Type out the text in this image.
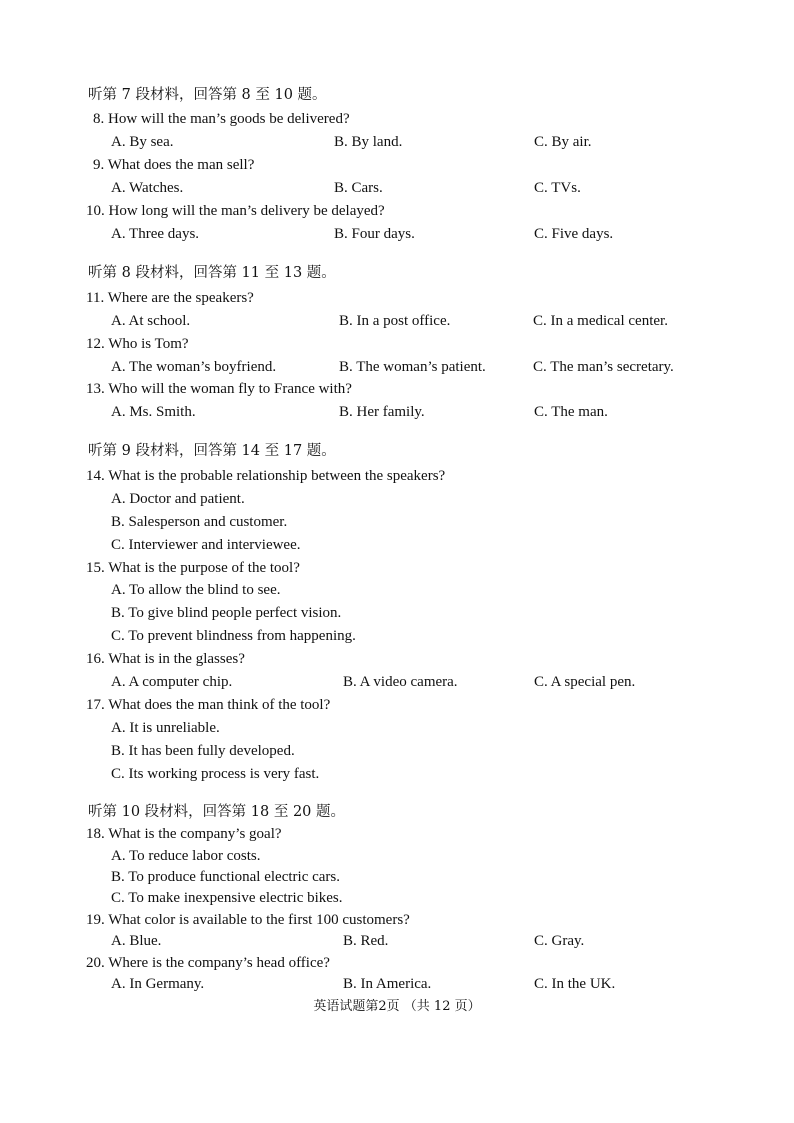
听第 7 段材料，回答第 8 至 10 题。
8. How will the man’s goods be delivered?
A. By sea.	B. By land.	C. By air.
9. What does the man sell?
A. Watches.	B. Cars.	C. TVs.
10. How long will the man’s delivery be delayed?
A. Three days.	B. Four days.	C. Five days.
听第 8 段材料，回答第 11 至 13 题。
11. Where are the speakers?
A. At school.	B. In a post office.	C. In a medical center.
12. Who is Tom?
A. The woman’s boyfriend.	B. The woman’s patient.	C. The man’s secretary.
13. Who will the woman fly to France with?
A. Ms. Smith.	B. Her family.	C. The man.
听第 9 段材料，回答第 14 至 17 题。
14. What is the probable relationship between the speakers?
A. Doctor and patient.
B. Salesperson and customer.
C. Interviewer and interviewee.
15. What is the purpose of the tool?
A. To allow the blind to see.
B. To give blind people perfect vision.
C. To prevent blindness from happening.
16. What is in the glasses?
A. A computer chip.	B. A video camera.	C. A special pen.
17. What does the man think of the tool?
A. It is unreliable.
B. It has been fully developed.
C. Its working process is very fast.
听第 10 段材料，回答第 18 至 20 题。
18. What is the company’s goal?
A. To reduce labor costs.
B. To produce functional electric cars.
C. To make inexpensive electric bikes.
19. What color is available to the first 100 customers?
A. Blue.	B. Red.	C. Gray.
20. Where is the company’s head office?
A. In Germany.	B. In America.	C. In the UK.
英语试题第2页 （共 12 页）
